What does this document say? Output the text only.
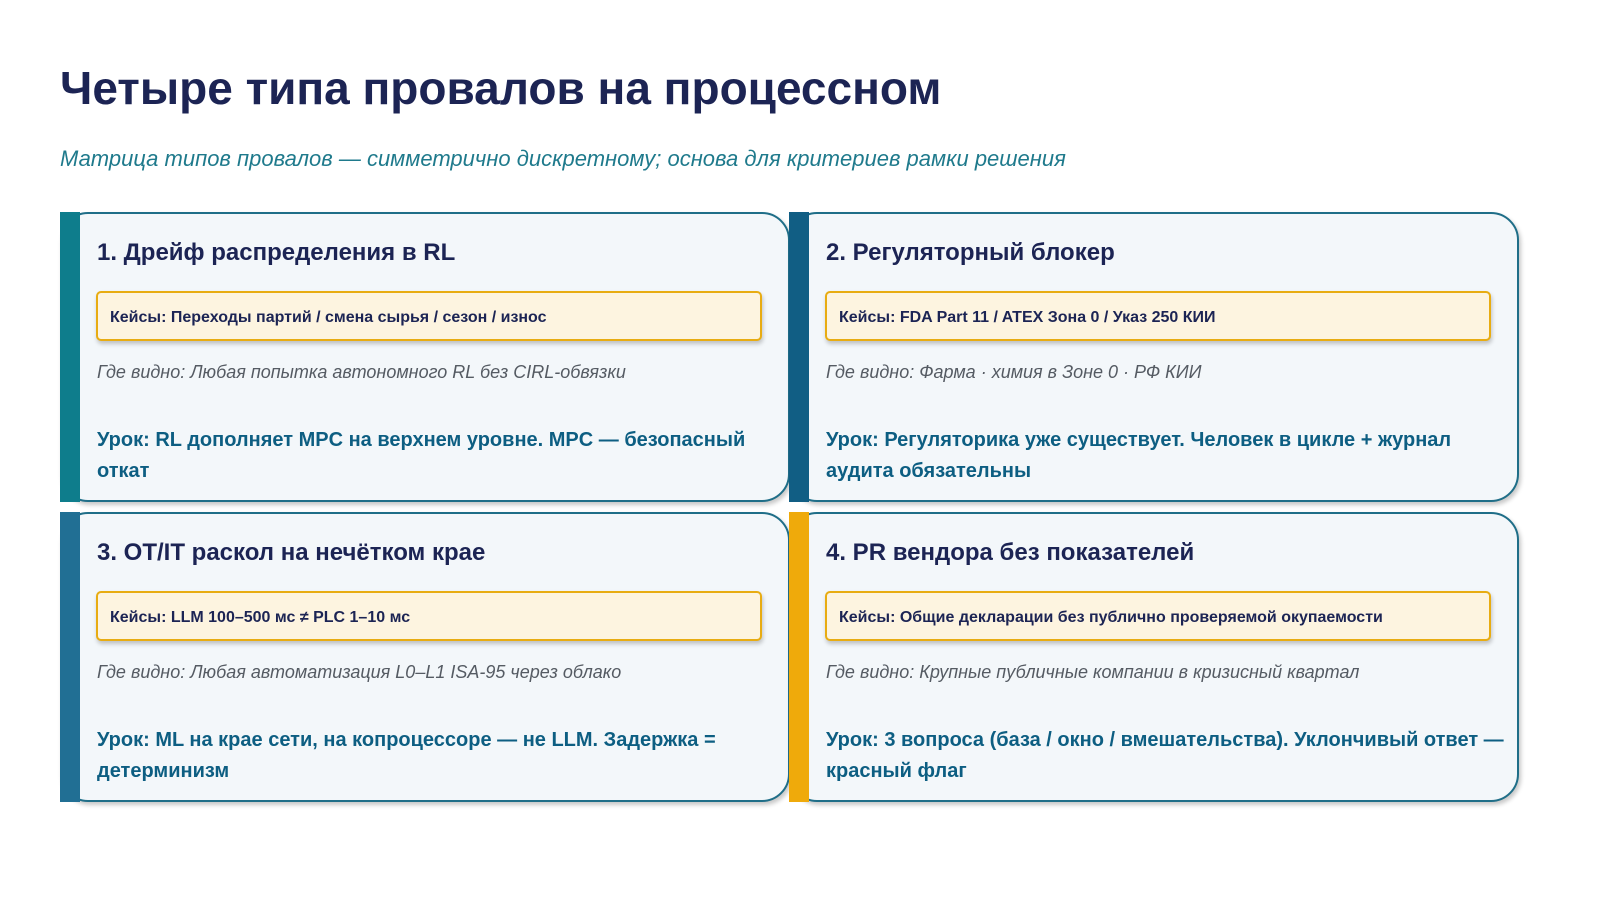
Четыре типа провалов на процессном
Матрица типов провалов — симметрично дискретному; основа для критериев рамки решения
1. Дрейф распределения в RL
Кейсы: Переходы партий / смена сырья / сезон / износ
Где видно: Любая попытка автономного RL без CIRL-обвязки
Урок: RL дополняет MPC на верхнем уровне. MPC — безопасный откат
2. Регуляторный блокер
Кейсы: FDA Part 11 / ATEX Зона 0 / Указ 250 КИИ
Где видно: Фарма · химия в Зоне 0 · РФ КИИ
Урок: Регуляторика уже существует. Человек в цикле + журнал аудита обязательны
3. OT/IT раскол на нечётком крае
Кейсы: LLM 100–500 мс ≠ PLC 1–10 мс
Где видно: Любая автоматизация L0–L1 ISA-95 через облако
Урок: ML на крае сети, на копроцессоре — не LLM. Задержка = детерминизм
4. PR вендора без показателей
Кейсы: Общие декларации без публично проверяемой окупаемости
Где видно: Крупные публичные компании в кризисный квартал
Урок: 3 вопроса (база / окно / вмешательства). Уклончивый ответ — красный флаг
